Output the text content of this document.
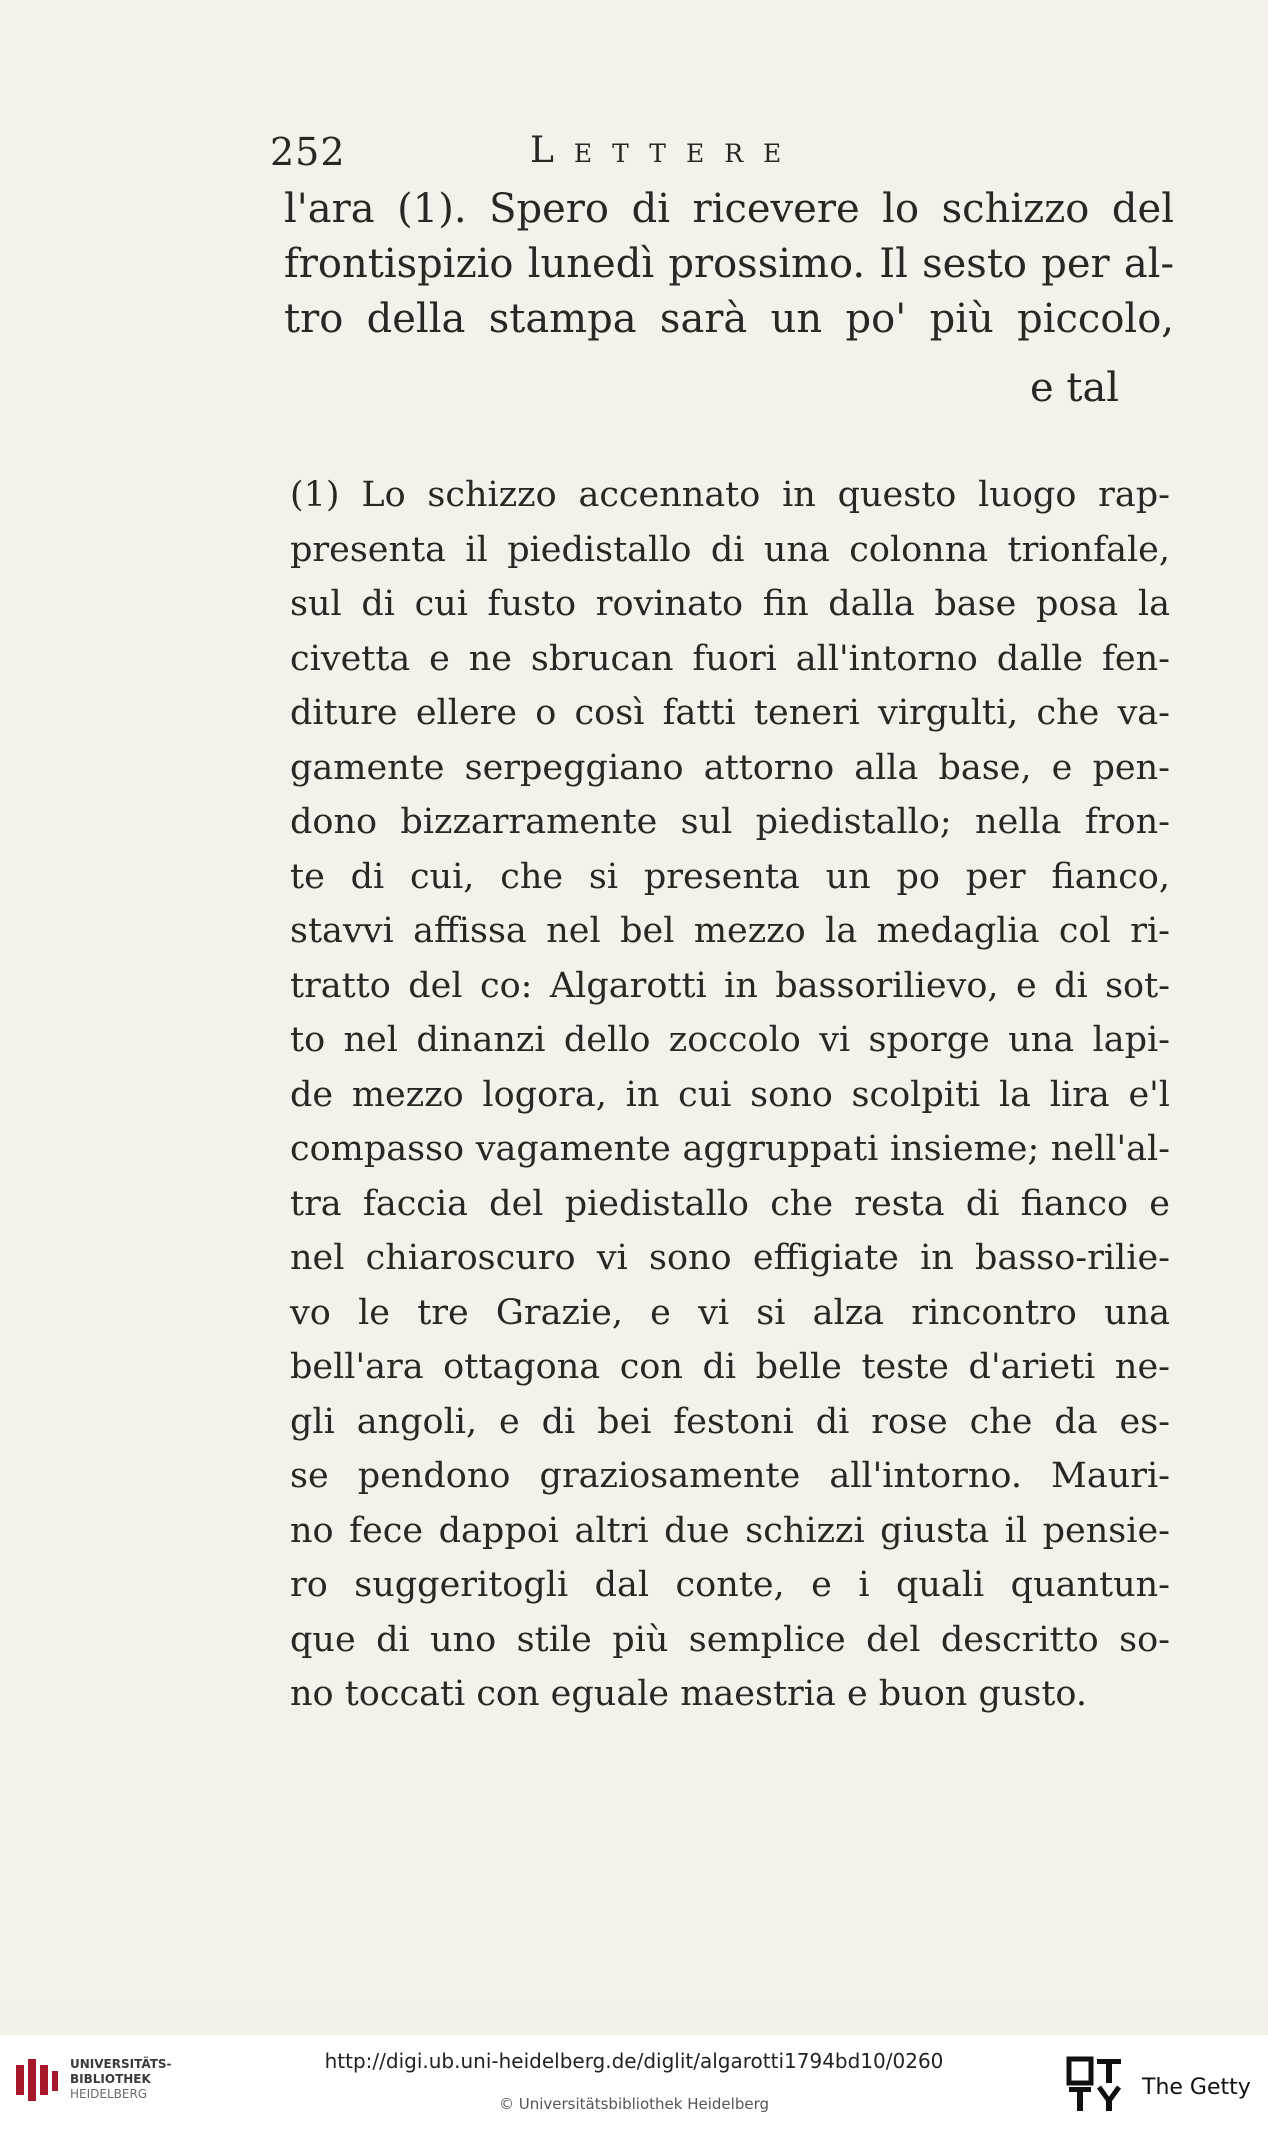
252	Lettere
l'ara (1). Spero di ricevere lo schizzo del
frontispizio lunedì prossimo. Il sesto per al-
tro della stampa sarà un po' più piccolo,
e tal
(1) Lo schizzo accennato in questo luogo rap-
presenta il piedistallo di una colonna trionfale,
sul di cui fusto rovinato fin dalla base posa la
civetta e ne sbrucan fuori all'intorno dalle fen-
diture ellere o così fatti teneri virgulti, che va-
gamente serpeggiano attorno alla base, e pen-
dono bizzarramente sul piedistallo; nella fron-
te di cui, che si presenta un po per fianco,
stavvi affissa nel bel mezzo la medaglia col ri-
tratto del co: Algarotti in bassorilievo, e di sot-
to nel dinanzi dello zoccolo vi sporge una lapi-
de mezzo logora, in cui sono scolpiti la lira e'l
compasso vagamente aggruppati insieme; nell'al-
tra faccia del piedistallo che resta di fianco e
nel chiaroscuro vi sono effigiate in basso-rilie-
vo le tre Grazie, e vi si alza rincontro una
bell'ara ottagona con di belle teste d'arieti ne-
gli angoli, e di bei festoni di rose che da es-
se pendono graziosamente all'intorno. Mauri-
no fece dappoi altri due schizzi giusta il pensie-
ro suggeritogli dal conte, e i quali quantun-
que di uno stile più semplice del descritto so-
no toccati con eguale maestria e buon gusto.
UNIVERSITÄTS-
BIBLIOTHEK
HEIDELBERG
http://digi.ub.uni-heidelberg.de/diglit/algarotti1794bd10/0260
© Universitätsbibliothek Heidelberg
The Getty
